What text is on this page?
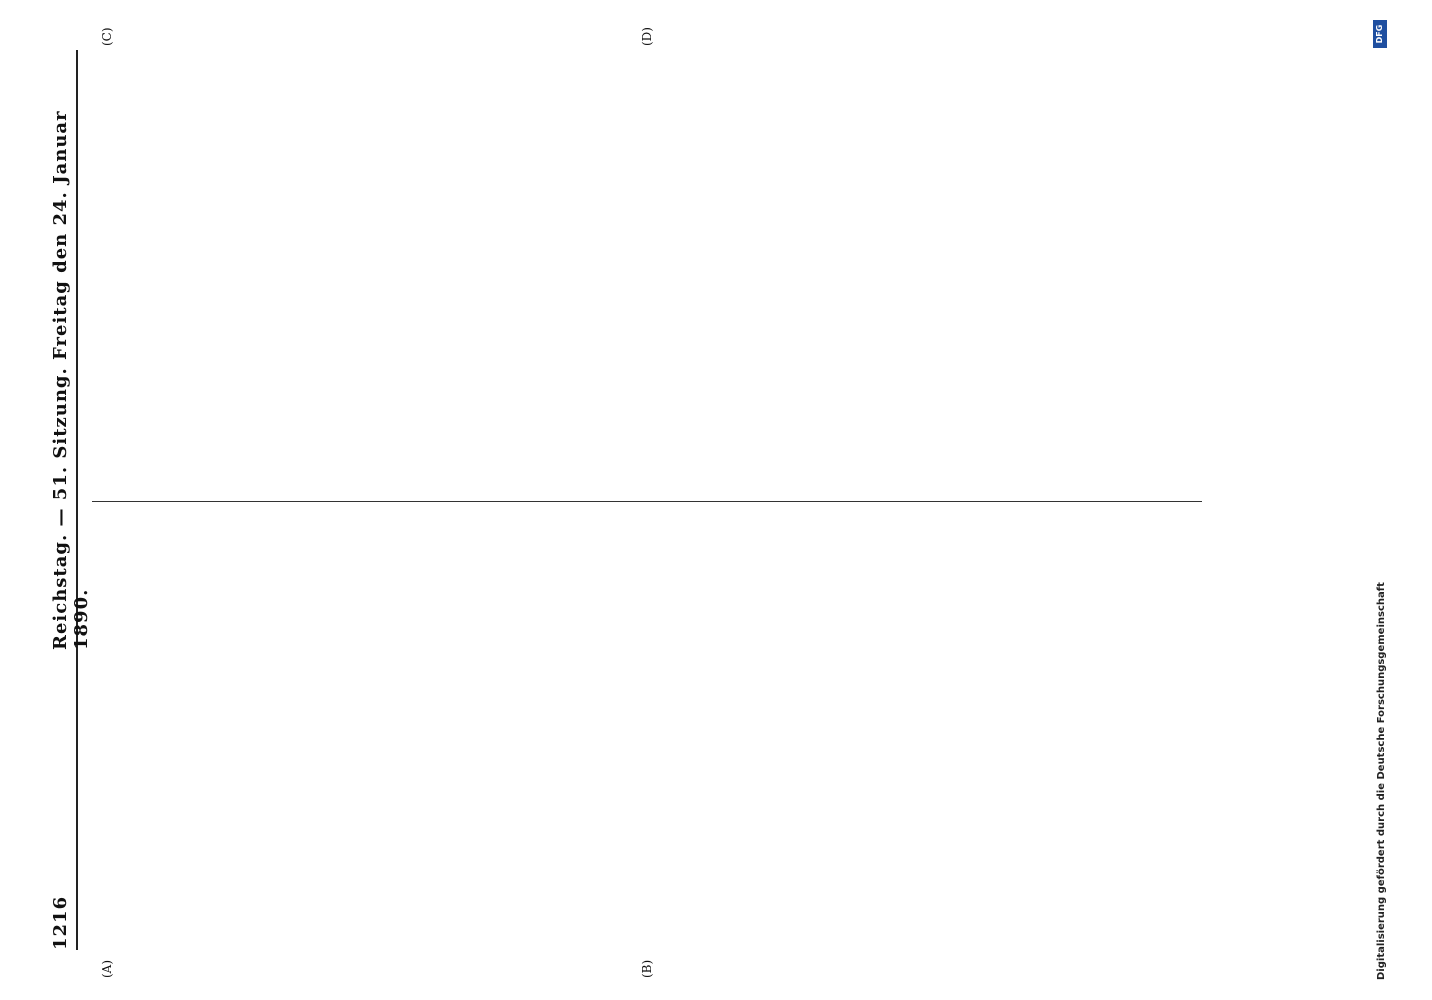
1216
Reichstag. — 51. Sitzung. Freitag den 24. Januar 1890.
(A)	(B)
(C)	(D)
Digitalisierung gefördert durch die Deutsche Forschungsgemeinschaft
DFG
